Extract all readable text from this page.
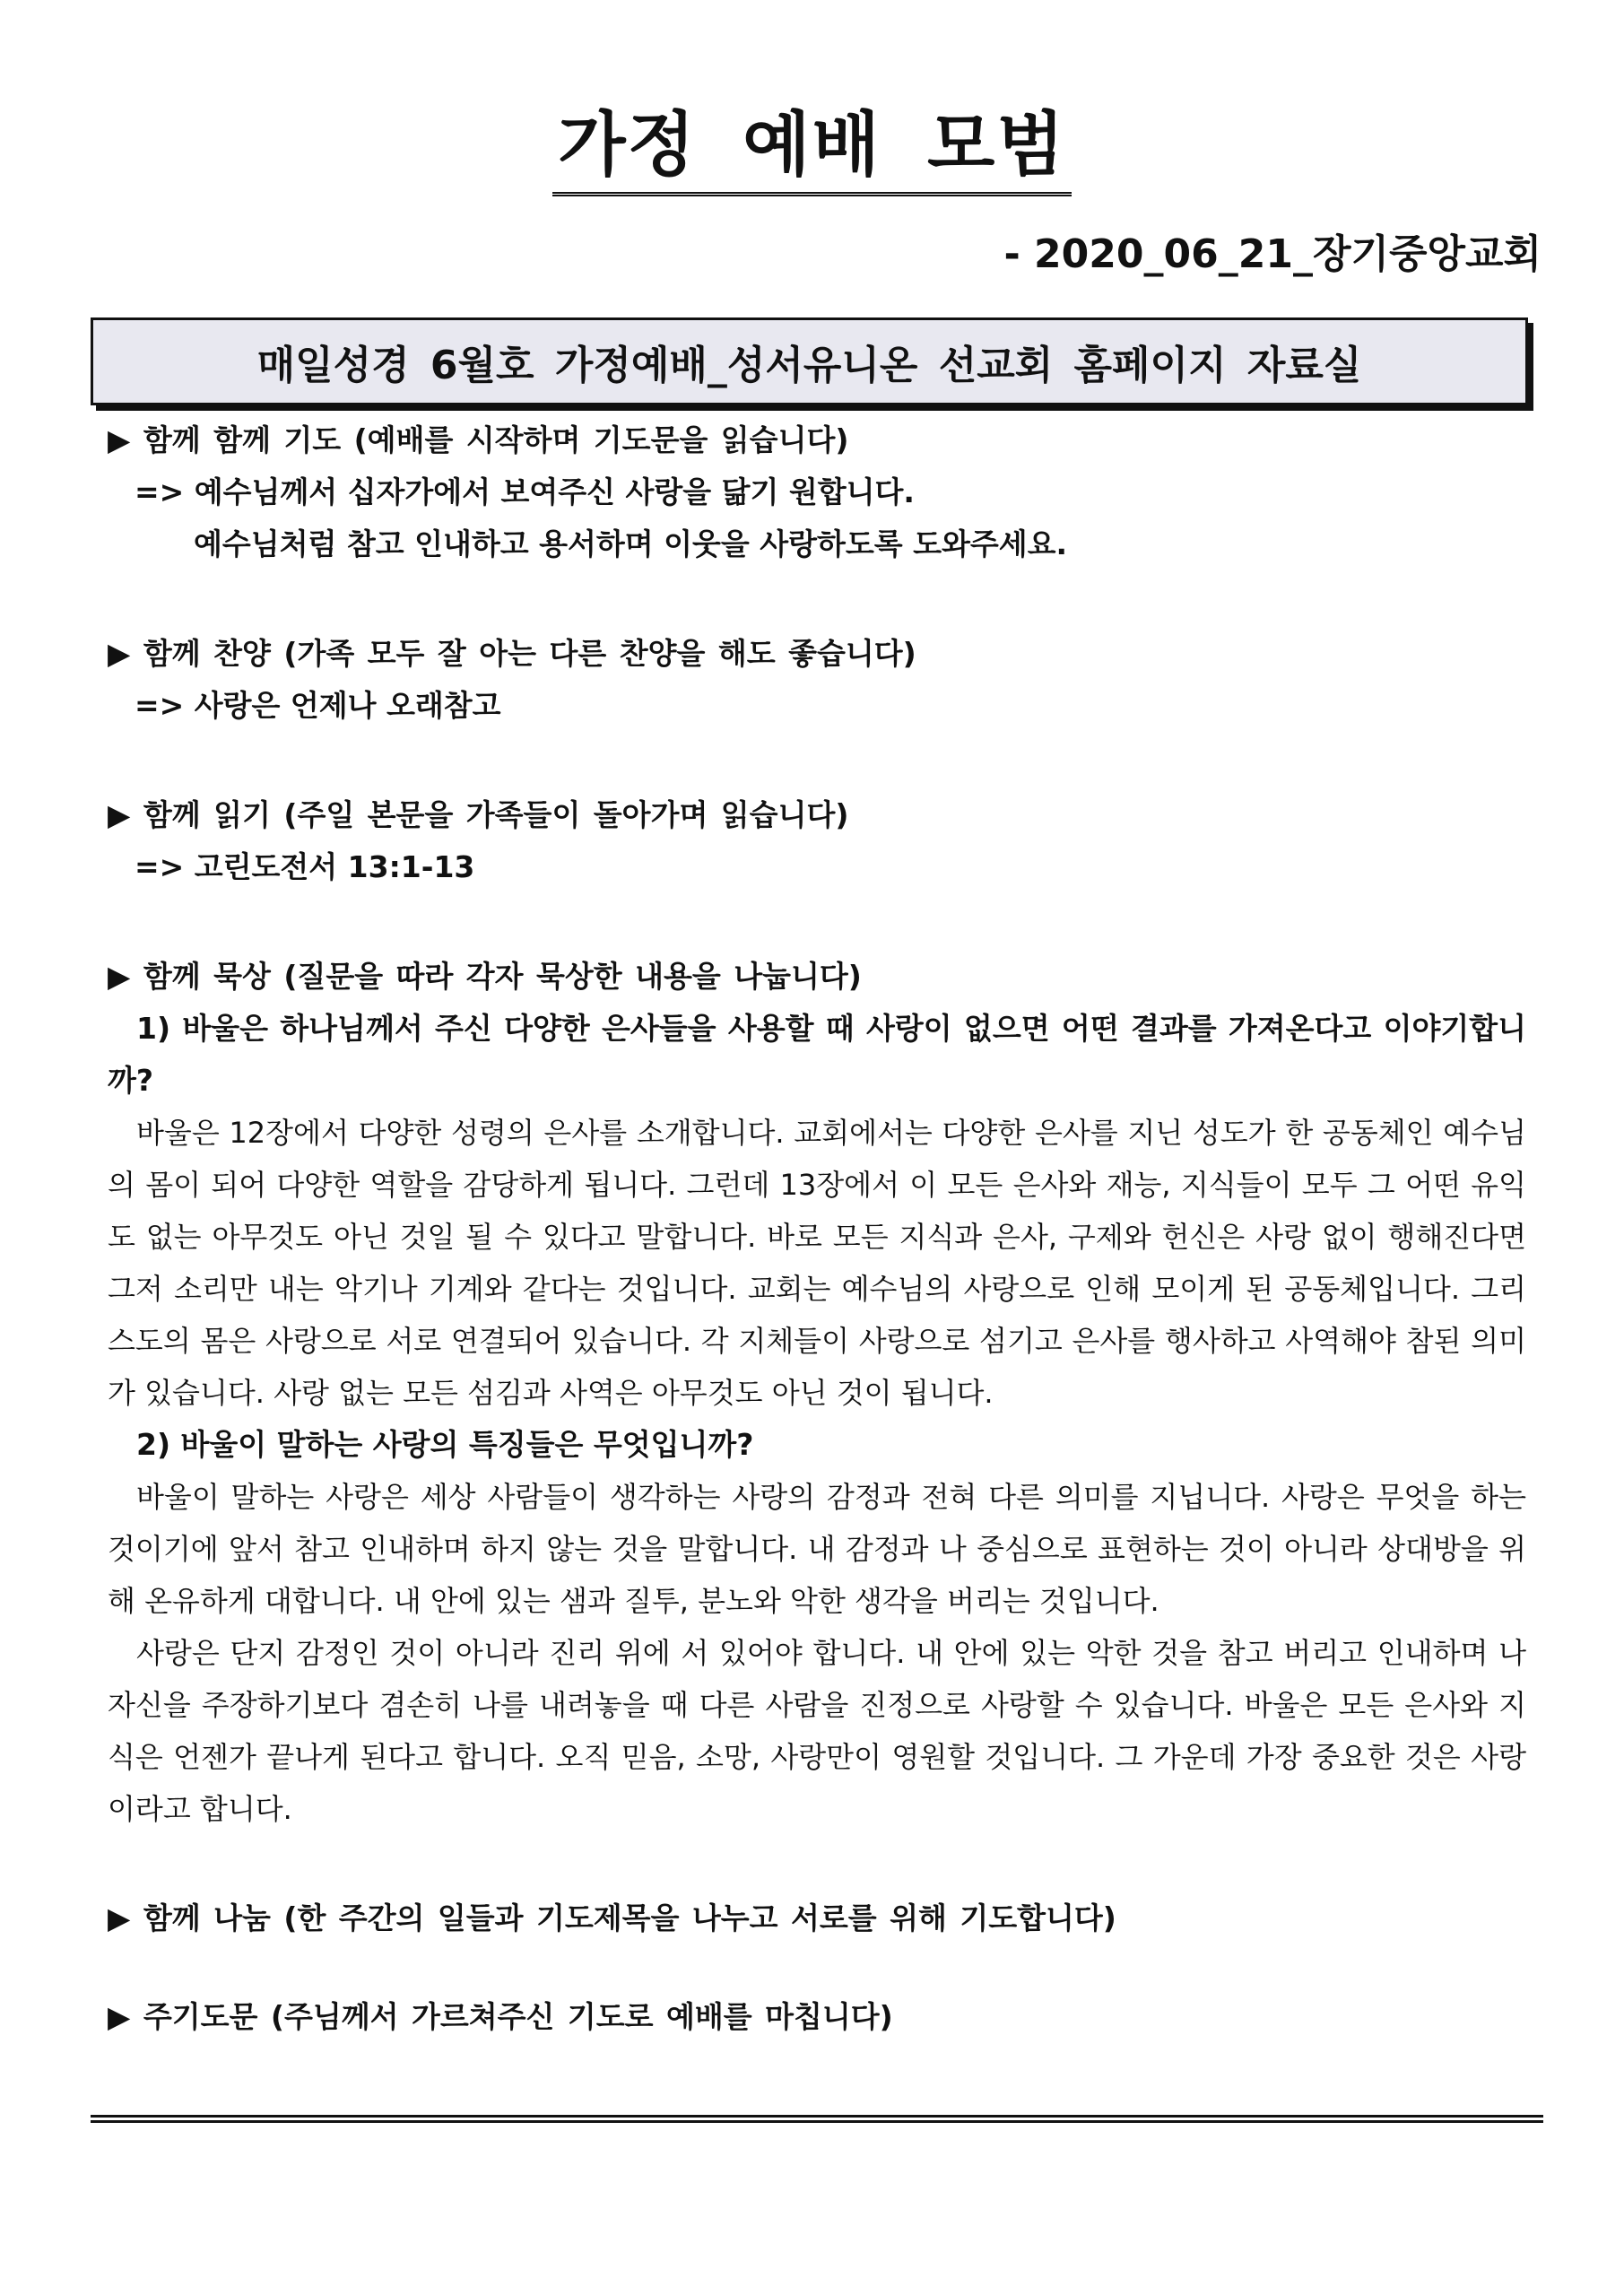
가정 예배 모범
- 2020_06_21_장기중앙교회
매일성경 6월호 가정예배_성서유니온 선교회 홈페이지 자료실
▶ 함께 함께 기도 (예배를 시작하며 기도문을 읽습니다)
=> 예수님께서 십자가에서 보여주신 사랑을 닮기 원합니다.
예수님처럼 참고 인내하고 용서하며 이웃을 사랑하도록 도와주세요.
▶ 함께 찬양 (가족 모두 잘 아는 다른 찬양을 해도 좋습니다)
=> 사랑은 언제나 오래참고
▶ 함께 읽기 (주일 본문을 가족들이 돌아가며 읽습니다)
=> 고린도전서 13:1-13
▶ 함께 묵상 (질문을 따라 각자 묵상한 내용을 나눕니다)
1) 바울은 하나님께서 주신 다양한 은사들을 사용할 때 사랑이 없으면 어떤 결과를 가져온다고 이야기합니까?
바울은 12장에서 다양한 성령의 은사를 소개합니다. 교회에서는 다양한 은사를 지닌 성도가 한 공동체인 예수님의 몸이 되어 다양한 역할을 감당하게 됩니다. 그런데 13장에서 이 모든 은사와 재능, 지식들이 모두 그 어떤 유익도 없는 아무것도 아닌 것일 될 수 있다고 말합니다. 바로 모든 지식과 은사, 구제와 헌신은 사랑 없이 행해진다면 그저 소리만 내는 악기나 기계와 같다는 것입니다. 교회는 예수님의 사랑으로 인해 모이게 된 공동체입니다. 그리스도의 몸은 사랑으로 서로 연결되어 있습니다. 각 지체들이 사랑으로 섬기고 은사를 행사하고 사역해야 참된 의미가 있습니다. 사랑 없는 모든 섬김과 사역은 아무것도 아닌 것이 됩니다.
2) 바울이 말하는 사랑의 특징들은 무엇입니까?
바울이 말하는 사랑은 세상 사람들이 생각하는 사랑의 감정과 전혀 다른 의미를 지닙니다. 사랑은 무엇을 하는 것이기에 앞서 참고 인내하며 하지 않는 것을 말합니다. 내 감정과 나 중심으로 표현하는 것이 아니라 상대방을 위해 온유하게 대합니다. 내 안에 있는 샘과 질투, 분노와 악한 생각을 버리는 것입니다.
사랑은 단지 감정인 것이 아니라 진리 위에 서 있어야 합니다. 내 안에 있는 악한 것을 참고 버리고 인내하며 나 자신을 주장하기보다 겸손히 나를 내려놓을 때 다른 사람을 진정으로 사랑할 수 있습니다. 바울은 모든 은사와 지식은 언젠가 끝나게 된다고 합니다. 오직 믿음, 소망, 사랑만이 영원할 것입니다. 그 가운데 가장 중요한 것은 사랑이라고 합니다.
▶ 함께 나눔 (한 주간의 일들과 기도제목을 나누고 서로를 위해 기도합니다)
▶ 주기도문 (주님께서 가르쳐주신 기도로 예배를 마칩니다)
